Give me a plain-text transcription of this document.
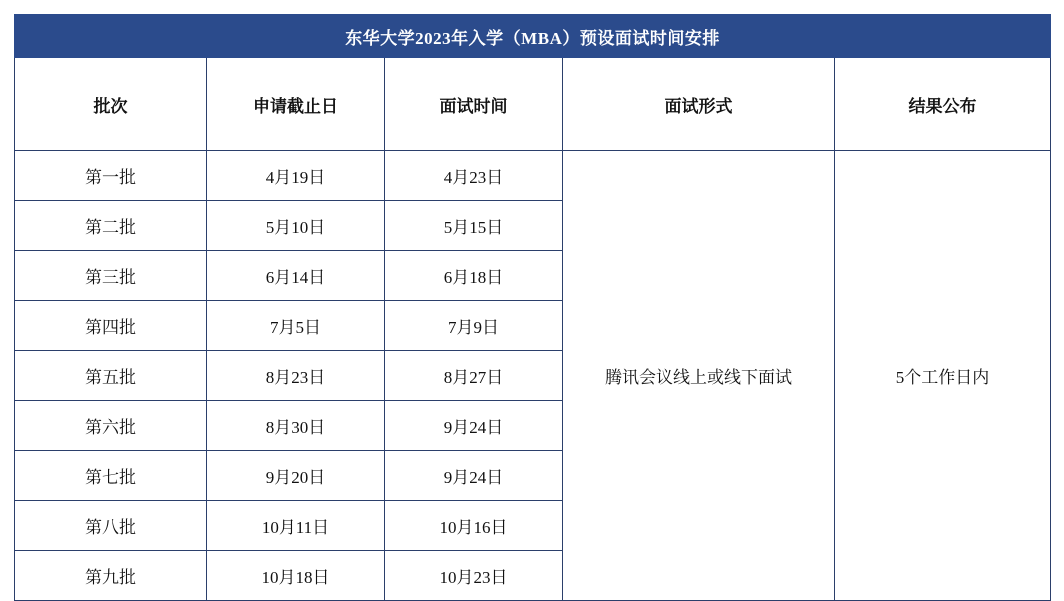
东华大学2023年入学（MBA）预设面试时间安排				
批次	申请截止日	面试时间	面试形式	结果公布
第一批	4月19日	4月23日	腾讯会议线上或线下面试	5个工作日内
第二批	5月10日	5月15日		
第三批	6月14日	6月18日		
第四批	7月5日	7月9日		
第五批	8月23日	8月27日		
第六批	8月30日	9月24日		
第七批	9月20日	9月24日		
第八批	10月11日	10月16日		
第九批	10月18日	10月23日		
